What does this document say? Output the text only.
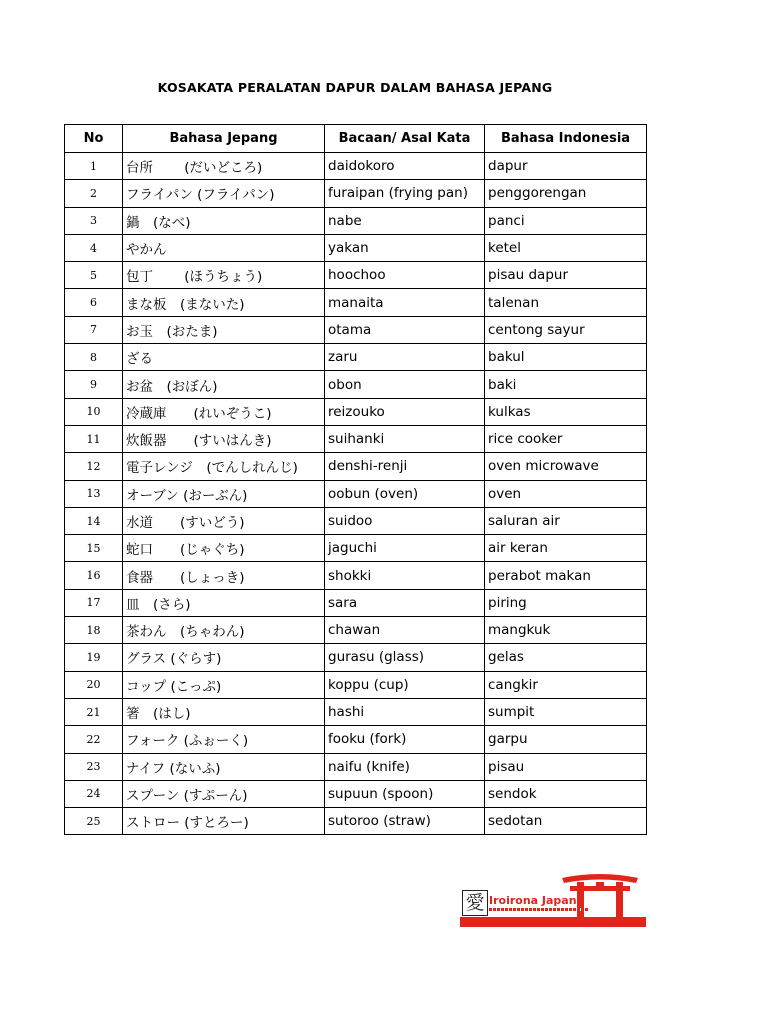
KOSAKATA PERALATAN DAPUR DALAM BAHASA JEPANG
No	Bahasa Jepang	Bacaan/ Asal Kata	Bahasa Indonesia
1	台所　　 (だいどころ)	daidokoro	dapur
2	フライパン (フライパン)	furaipan (frying pan)	penggorengan
3	鍋　(なべ)	nabe	panci
4	やかん	yakan	ketel
5	包丁　　 (ほうちょう)	hoochoo	pisau dapur
6	まな板　(まないた)	manaita	talenan
7	お玉　(おたま)	otama	centong sayur
8	ざる	zaru	bakul
9	お盆　(おぼん)	obon	baki
10	冷蔵庫　　(れいぞうこ)	reizouko	kulkas
11	炊飯器　　(すいはんき)	suihanki	rice cooker
12	電子レンジ　(でんしれんじ)	denshi-renji	oven microwave
13	オーブン (おーぶん)	oobun (oven)	oven
14	水道　　(すいどう)	suidoo	saluran air
15	蛇口　　(じゃぐち)	jaguchi	air keran
16	食器　　(しょっき)	shokki	perabot makan
17	皿　(さら)	sara	piring
18	茶わん　(ちゃわん)	chawan	mangkuk
19	グラス (ぐらす)	gurasu (glass)	gelas
20	コップ (こっぷ)	koppu (cup)	cangkir
21	箸　(はし)	hashi	sumpit
22	フォーク (ふぉーく)	fooku (fork)	garpu
23	ナイフ (ないふ)	naifu (knife)	pisau
24	スプーン (すぷーん)	supuun (spoon)	sendok
25	ストロー (すとろー)	sutoroo (straw)	sedotan
愛 Iroirona Japan
